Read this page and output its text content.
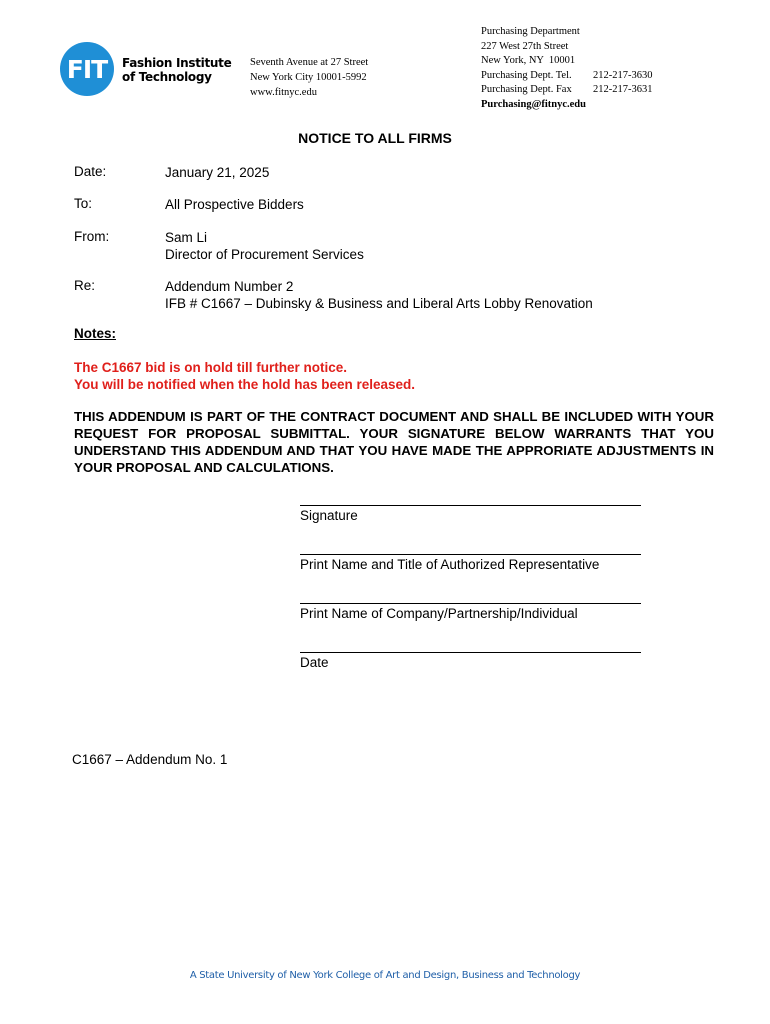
FIT	Fashion Institute
of Technology
Seventh Avenue at 27 Street
New York City 10001-5992
www.fitnyc.edu
Purchasing Department
227 West 27th Street
New York, NY  10001
Purchasing Dept. Tel. 212-217-3630
Purchasing Dept. Fax 212-217-3631
Purchasing@fitnyc.edu
NOTICE TO ALL FIRMS
Date:	January 21, 2025
To:	All Prospective Bidders
From:	Sam Li
Director of Procurement Services
Re:	Addendum Number 2
IFB # C1667 – Dubinsky & Business and Liberal Arts Lobby Renovation
Notes:
The C1667 bid is on hold till further notice.
You will be notified when the hold has been released.
THIS ADDENDUM IS PART OF THE CONTRACT DOCUMENT AND SHALL BE INCLUDED WITH YOUR REQUEST FOR PROPOSAL SUBMITTAL. YOUR SIGNATURE BELOW WARRANTS THAT YOU UNDERSTAND THIS ADDENDUM AND THAT YOU HAVE MADE THE APPRORIATE ADJUSTMENTS IN YOUR PROPOSAL AND CALCULATIONS.
Signature
Print Name and Title of Authorized Representative
Print Name of Company/Partnership/Individual
Date
C1667 – Addendum No. 1
A State University of New York College of Art and Design, Business and Technology
